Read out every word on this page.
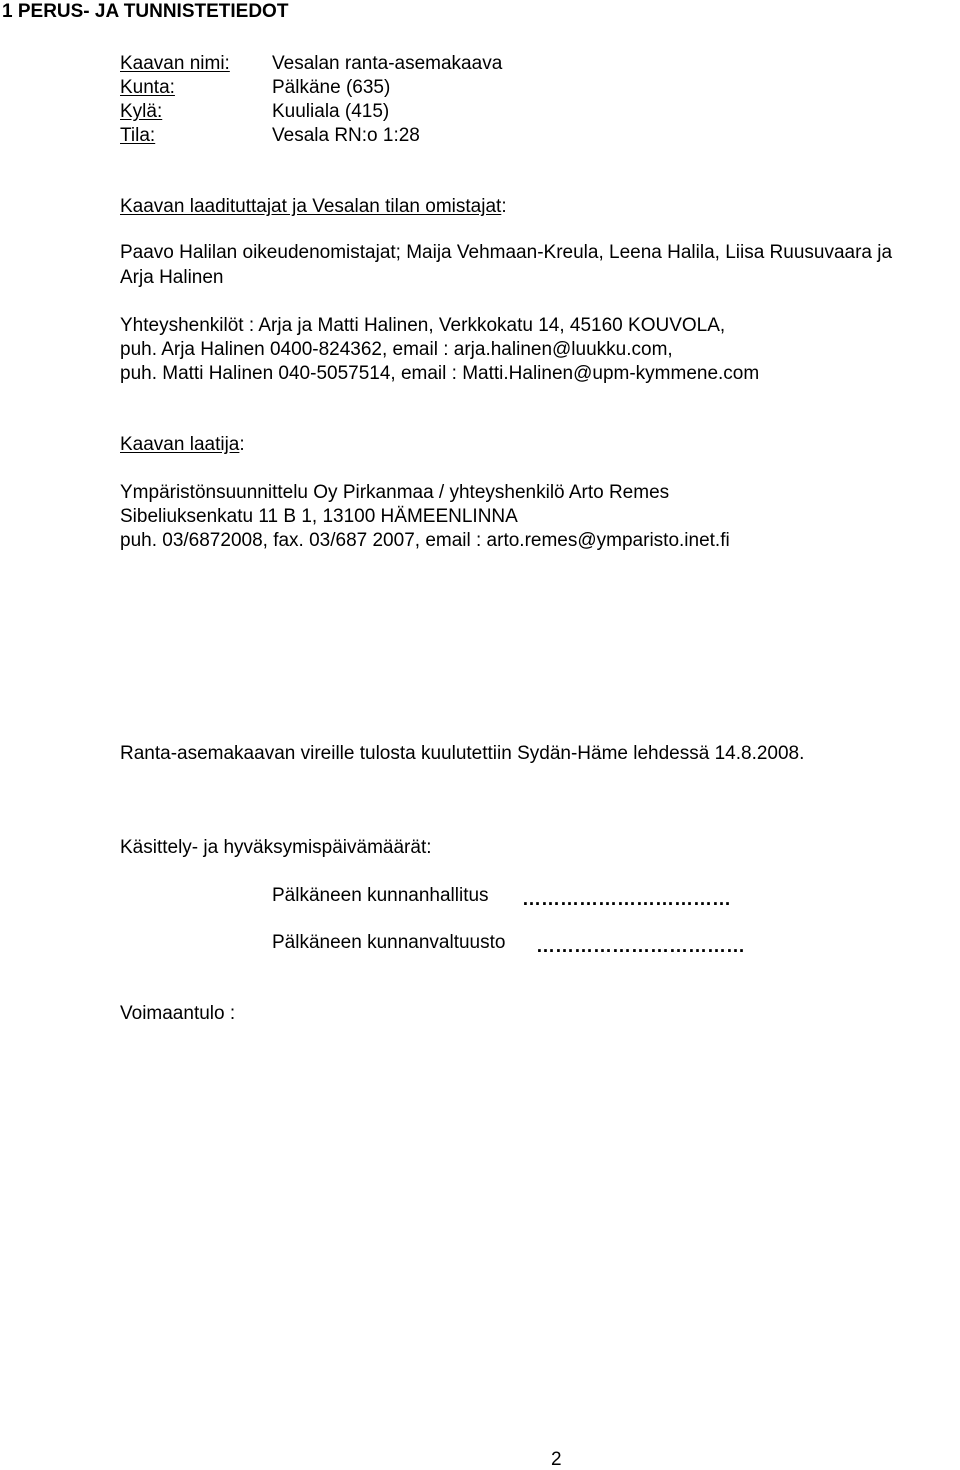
1 PERUS- JA TUNNISTETIEDOT
Kaavan nimi: Vesalan ranta-asemakaava
Kunta:	Pälkäne (635)
Kylä:	Kuuliala (415)
Tila:	Vesala RN:o 1:28
Kaavan laadituttajat ja Vesalan tilan omistajat:
Paavo Halilan oikeudenomistajat; Maija Vehmaan-Kreula, Leena Halila, Liisa Ruusuvaara ja
Arja Halinen
Yhteyshenkilöt : Arja ja Matti Halinen, Verkkokatu 14, 45160 KOUVOLA,
puh. Arja Halinen 0400-824362, email : arja.halinen@luukku.com,
puh. Matti Halinen 040-5057514, email : Matti.Halinen@upm-kymmene.com
Kaavan laatija:
Ympäristönsuunnittelu Oy Pirkanmaa / yhteyshenkilö Arto Remes
Sibeliuksenkatu 11 B 1, 13100 HÄMEENLINNA
puh. 03/6872008, fax. 03/687 2007, email : arto.remes@ymparisto.inet.fi
Ranta-asemakaavan vireille tulosta kuulutettiin Sydän-Häme lehdessä 14.8.2008.
Käsittely- ja hyväksymispäivämäärät:
Pälkäneen kunnanhallitus ……………………………
Pälkäneen kunnanvaltuusto ……………………………
Voimaantulo :
2
